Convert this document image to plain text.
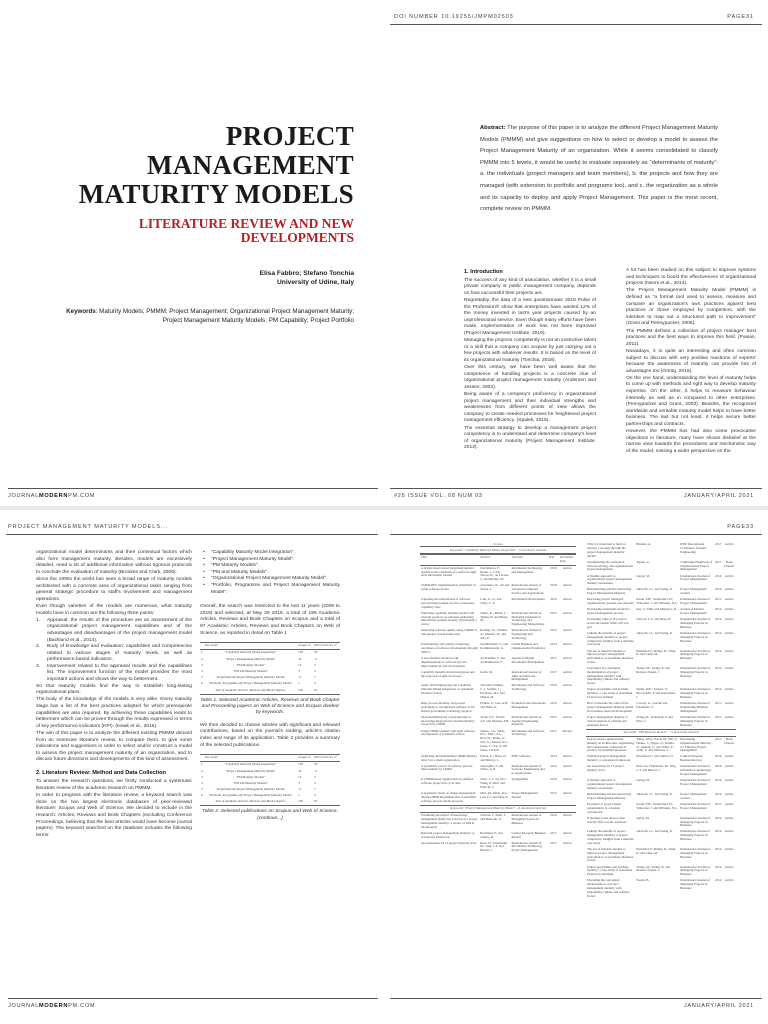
PROJECT MANAGEMENT MATURITY MODELS
LITERATURE REVIEW AND NEW DEVELOPMENTS
Elisa Fabbro; Stefano Tonchia
University of Udine, Italy
Keywords: Maturity Models; PMMM; Project Management; Organizational Project Management Maturity; Project Management Maturity Models; PM Capability; Project Portfolio
JOURNALMODERNPM.COM
DOI NUMBER 10.19255/JMPM02503	PAGE31
Abstract: The purpose of this paper is to analyze the different Project Management Maturity Models (PMMM) and give suggestions on how to select or develop a model to assess the Project Management Maturity of an organization. While it seems consolidated to classify PMMM into 5 levels, it would be useful to evaluate separately as "determinants of maturity": a. the individuals (project managers and team members), b. the projects and how they are managed (with extension to portfolio and programs too), and c. the organization as a whole and its capacity to deploy and apply Project Management. This paper is the most recent, complete review on PMMM.
1. Introduction

The success of any kind of association, whether it is a small private company or public management company, depends on how successful their projects are.

Regrettably, the data of a new questionnaire 2018 Pulse of the Profession® show that enterprises have wasted 12% of the money invested in last's year projects caused by an unprofessional service. Even though many efforts have been made, implementation of work has not been improved (Project Management Institute, 2019).

Managing the projects competently is not an instinctive talent or a skill that a company can acquire by just carrying out a few projects with whatever results. It is based on the level of its organizational maturity (Tonchia, 2018).

Over this century, we have been well aware that the competence of handling projects is a concrete clue of organizational project management maturity (Andersen and Jessen, 2003).

Being aware of a company's proficiency in organizational project management and their individual strengths and weaknesses from different points of view allows the company to create needed processes for heightened project management efficiency. (Spalek, 2015).

The essential strategy to develop a management project competency is to understand and determine company's level of organizational maturity (Project Management Institute, 2013).

A lot has been studied on this subject to improve systems and techniques to boost the effectiveness of organizational projects (Nenni et al., 2014).

The Project Management Maturity Model (PMMM) is defined as "a formal tool used to assess, measure and compare an organization's own practices against best practices or those employed by competitors, with the intention to map out a structured path to improvement" (Grant and Pennypacker, 2006).

The PMMM defines a collection of project manager' best practices and the best ways to improve this field. (Pasian, 2011).

Nowadays, it is quite an interesting and often common subject to discuss with very positive reactions of experts' because the awareness of maturity can provide lots of advantages too (Görög, 2016).

On the one hand, understanding the level of maturity helps to come up with methods and right way to develop maturity expertise. On the other, it helps to measure behaviour internally as well as in compared to other enterprises. (Pennypacker and Grant, 2003). Besides, the recognized worldwide and veritable maturity model helps to have better business. The last but not least, it helps secure better partnerships and contracts.

However, the PMMM has had also some provocative objections in literature, many have shown disbelief at the narrow view towards the procedures and mechanistic way of the model, missing a wider perspective on the

#25 ISSUE VOL. 08 NUM 03	JANUARY/APRIL 2021
PROJECT MANAGEMENT MATURITY MODELS...

organizational model determinants and their contextual factors which also form management maturity. Besides, models are excessively detailed, need a lot of additional information without rigorous protocols to conclude the evaluation of maturity (Brookes and Clark, 2009).

Since the 1990s the world has seen a broad range of maturity models architected with a concrete area of organizational tasks ranging from general strategic procedure to staff's involvement and management operations.

Even though varieties of the models are numerous, what maturity models have in common are the following three points:

1. Appraisal: the results of this procedure are an assessment of the organizational project management capabilities and of the advantages and disadvantages of the project management model (Backlund et al., 2014).
2. Body of knowledge and evaluation: capabilities and competencies related to various stages of maturity levels, as well as performance-based indicators.
3. Improvement related to the appraisal results and the capabilities list. The improvement function of the model provides the most important actions and shows the way to betterment.

So that maturity models find the way to establish long-lasting organizational plans.

The body of the knowledge of the models is very alike. Every maturity stage has a list of the best practices adopted for which prerequisite capabilities are also required. By achieving these capabilities leads to betterment which can be proven through the results expressed in terms of key performance indicators (KPI). (Kwak et al., 2015).

The aim of this paper is to analyze the different existing PMMM derived from an extensive literature review, to compare them, to give some indications and suggestions in order to select and/or construct a model to assess the project management maturity of an organization, and to discuss future directions and developments of this kind of assessment.

2. Literature Review: Method and Data Collection

To answer the research questions, we firstly conducted a systematic literature review of the academic research on PMMM.

In order to progress with the literature review, a keyword search was done on the two largest electronic databases of peer-reviewed literature: Scopus and Web of Science. We decided to include in the research: Articles, Reviews and Book Chapters (excluding Conference Proceedings, believing that the best articles would have become journal papers). The keyword searched on the database includes the following terms:

• "Capability Maturity Model Integration".
• "Project Management Maturity Model".
• "PM Maturity Models".
• "PM and Maturity Models".
• "Organizational Project Management Maturity Model".
• "Portfolio, Programme and Project Management Maturity Model".

Overall, the search was restricted to the last 11 years (2009 to 2019) and selected, at May 29 2019, a total of 199 Academic Articles, Reviews and Book Chapters on Scopus and a total of 97 Academic Articles, Reviews and Book Chapters on Web of Science, as reported in detail on Table 1

	Keywords	Scopus n°	Web of Science n°
1	"Capability Maturity Model Integration"	128	66
2	"Project Management Maturity Model"	43	11
3	"PM Maturity Models"	13	5
4	"PM and Maturity Models"	3	4
5	"Organizational Project Management Maturity Model"	11	7
6	"Portfolio, Programme and Project Management Maturity Model"	1	4
	Sum of Academic Articles, Reviews and Book Chapters	199	97
Table 1. Selected Academic Articles, Reviews and Book Chapter and Proceeding papers on Web of Science and Scopus divided by keywords.

We then decided to choose articles with significant and relevant contributions, based on the journal's ranking, article's citation index and range of its application. Table 2 provides a summary of the selected publications.

	Keywords	Scopus n°	Web of Science n°
1	"Capability Maturity Model Integration"	128	66
2	"Project Management Maturity Model"	43	11
3	"PM Maturity Models"	13	5
4	"PM and Maturity Models"	3	4
5	"Organizational Project Management Maturity Model"	11	7
6	"Portfolio, Programme and Project Management Maturity Model"	1	4
	Sum of Academic Articles, Reviews and Book Chapters	199	97
Table 2. Selected publications on Scopus and Web of Science. (continue...)
JOURNALMODERNPM.COM
PAGE33
Scopus
Keywords: "Capability Maturity Model Integration" - 9 documents selected
Title	Authors	Journals	Year	Document Type
A bridge-based expert judgement method applied to the validation of a software high-level knowledge transfer	Nascimento, F.; Rubio, C.J.; Da Nóvoa, R.; de Lucena, J.; and Merino, M.	Information Technology and Management	2019	Article
CMMI-DEV implementation simplified: A spiral software model	Arevanero, R.; Ali and Sirron, L.	International Journal of Advanced Computer Science and Applications	2018	Article
Capturing the introduction of software process improvement success: A literature capability view	Lam, A.; Li, and Chen, C.-Y.	Information Development	2016	Article
Exploring capability maturity models and relevant practices as solutions addressing information systems security (IS) through a survey	Salleo, K.; Mutlu, L.; Thakir, H. and Burke, M.	International Journal of Managing Information Technology and Engineering Management	2015	Article
Analyzing software quality using CMMI: A rule-guided system framework	Rodrigo, R.; Schmitt, A.; Martins, D.; and Vila, E.	International Journal of Engineering and Technology	2015	Article
Predictability, self-quality, technology excellence of software development through SPEC2	Swaminathan, V.; and Krishnaswamy, A.	Global Business and Organizational Excellence	2014	Article
A new maturity model for the implementation of software process improvement in web development	Al-Shamma, F. and Al-Mahmoudi, F.	Journal of Digital Information Management	2017	Article
Capability maturity model integration and the approach of agile best bases	Kabir, M.	International Journal of Agile Systems and Management	2017	Article
Agile, Web Engineering and Capability Maturity Model Integration: A systematic literature review	Torrecilla-Salinas, C.J.; Sedeño, J.; Escalona, M.J. and Mejías, M.	Information and Software Technology	2016	Article
Risk, process maturity, and project performance: An empirical analysis of US federal government technology projects	Ebhuis, A.; Gao, A.B. and Hahn, K.	Production and Operations Management	2016	Article
Operationalizing the conceptual idea to knowledge integration in interdisciplinary research by CMMI	Viana, P.T.; Ferrari, A.F. and Olpanes, P.B.	International Journal of Applied Engineering Research	2013	Article
Using CMMI together with agile software development: A systematic review	Santos, J.A.; Sainz, D.C.; Pinto, A.L.; Bert, M.; Mann, A.; Sch, G.; Amaral, P.C.; Lima, C.; Vaz, P. and Nieto, J.D.D.E.	Information and Software Technology	2015	Review
Achieving and maintaining CMMI maturity level 5 in a small organization	Patten, G.; Sheer, D. and Murray, L.	IEEE Software	2014	Article
A systematic review of software process improvement by CMMI	Gheorghiu, F. and Salleo, A.D.	International Journal of Software Engineering and its Applications	2014	Article
Is CMMI-based organization be satisfied software project life cycle data	Chao, L.J.; Su, W.C.; Wang, P.; Kim, and Kim, M.-J.	SpringerPlus	2016	Article
A systematic study of change management during CMMI implementation: A modified software process model proposal	Mitc, M.; Khan, R.G.; Lim, F.J. and Jiang X.	Project Management Journal	2015	Article
Keywords: "Project Management Maturity Model" - 11 documents selected				
Examining the impact of knowledge management (KM) best practices for project management maturity: a review of KM in the literature	Schwab, I.; Shah, T. and Baabouli, A.	International Journal of Managing Projects in Business	2019	Article
Relevant project management maturity: A conceptual framework	Backlund, F.; and Gulbro, D.	Central European Business Review	2017	Article
An assessment for IT project maturity level	Rosa, D.; Eiderbaum, M.; Ong, C.T. and Barrett, J.	International Journal of Information Technology Project Management	2017	Article
Why is it important to build or develop a strategy through the project management maturity model?	Brunner, A.	IEEE International Conference Systems Engineering	2017	Article
Strengthening the connection between strategy and organizational project management	Aguiar, A.	Cambridge Handbook of Organizational Project Management	2017	Book Chapter
A flexible approach to organizational project management maturity assessment	Görög, M.	International Journal of Project Management	2016	Article
Benchmarking and Reconstructing Project Management Maturity	Albrecht, J.C. and Spang, K.	Project Management Journal	2016	Article
Disclosing project managers' organizational systems over maturity	Kwak, Y.H.; Sadatsafavi, H.; Walewski, J. and Williams, N.L.	International Journal of Project Management	2015	Article
Developing sustainable model for project management process	Kay, S.; Dilly and Melgrave, K.	Journal of Modern Project Management	2014	Article
Evaluating value of IT projects across the model: What will you get?	Schwab, L.E. and Shaw, B.	International Journal of Managing Projects in Business	2014	Article
Linking the benefits of project management maturity to project complexity: Insights from a multiple case study	Albrecht, J.C. and Spang, K.	International Journal of Managing Projects in Business	2014	Article
The use of maturity models to improve project management performance: A systematic literature review	Backlund, F.; Rönby, D.; Sand, K. and Clark, M.	International Journal of Managing Projects in Business	2014	Article
Procedures for conceptual modernization of project management maturity with adaptability, climate and ordinary factors	Young, M.; Young, R. and Romero Zapata, J.	International Journal of Managing Projects in Business	2014	Article
Project programme and portfolio maturity: a case study of Australian Federal Government	Nenni, M.E.; Arnone, V.; Boccardelli, P. and Napolitano, I.	International Journal of Managing Projects in Business	2014	Article
How to measure the value of the project management maturity model in a business network development	Carcary, G.; Gorrini and Fernández, Y.	International Journal of Engineering Business Management	2013	Article
Project management maturity: a critical analysis of existing and emergent factors	Young, R.; Kainandu, Y. and Ibbs, C.	International Journal of Managing Projects in Business	2013	Article
Keywords: "PM Maturity Models" - 11 documents selected				
Project-based organizational maturity in architecture, engineering, and construction: A theoretical practice for modified measures	Salleo, M.A.; Patch, M.; Mir, T.; Hannu, J.; Vilppo, O.; Kujala, Y.; Jaakola, S.; and Vaher, T.; Zafar, Z. and Johnston, C.	Developing Organizational Maturity for Effective Project Management	2017	Book Chapter
Technical project management maturity: a conceptual framework	Backlund, F.; and Gulbro, D.	Central European Business Review	2016	Article
An assessment for IT project maturity level	Rosa, D.; Eiderbaum, M.; Ong, C.T. and Barrett, J.	International Journal of Information Technology Project Management	2016	Article
A flexible approach to organizational project management maturity assessment	Görög, M.	International Journal of Project Management	2016	Article
Benchmarking and Reconstructing Project Management Maturity	Albrecht, J.C. and Spang, K.	Project Management Journal	2016	Article
Evolution of project-based organizations in a modern construction	Kwak, Y.H.; Sadatsafavi, H.; Walewski, J. and Williams, N.L.	International Journal of Project Management	2015	Article
If maturity is the answer, then exactly what was the question?	Aubry, M.	International Journal of Managing Projects in Business	2014	Article
Linking the benefits of project management maturity to project complexity: Insights from a multiple case study	Albrecht, J.C. and Spang, K.	International Journal of Managing Projects in Business	2014	Article
The use of maturity models to improve project management performance: A systematic literature review	Backlund, F.; Rönby, D.; Sand, K. and Clark, M.	International Journal of Managing Projects in Business	2014	Article
Project programme and portfolio maturity: a case study of Australian Federal Government	Young, M.; Young, R. and Romero Zapata, J.	International Journal of Managing Projects in Business	2014	Article
Extending the conceptual modernization of project management maturity with adaptability, climate and ordinary factors	Pasian, B.	International Journal of Managing Projects in Business	2014	Article
JANUARY/APRIL 2021
